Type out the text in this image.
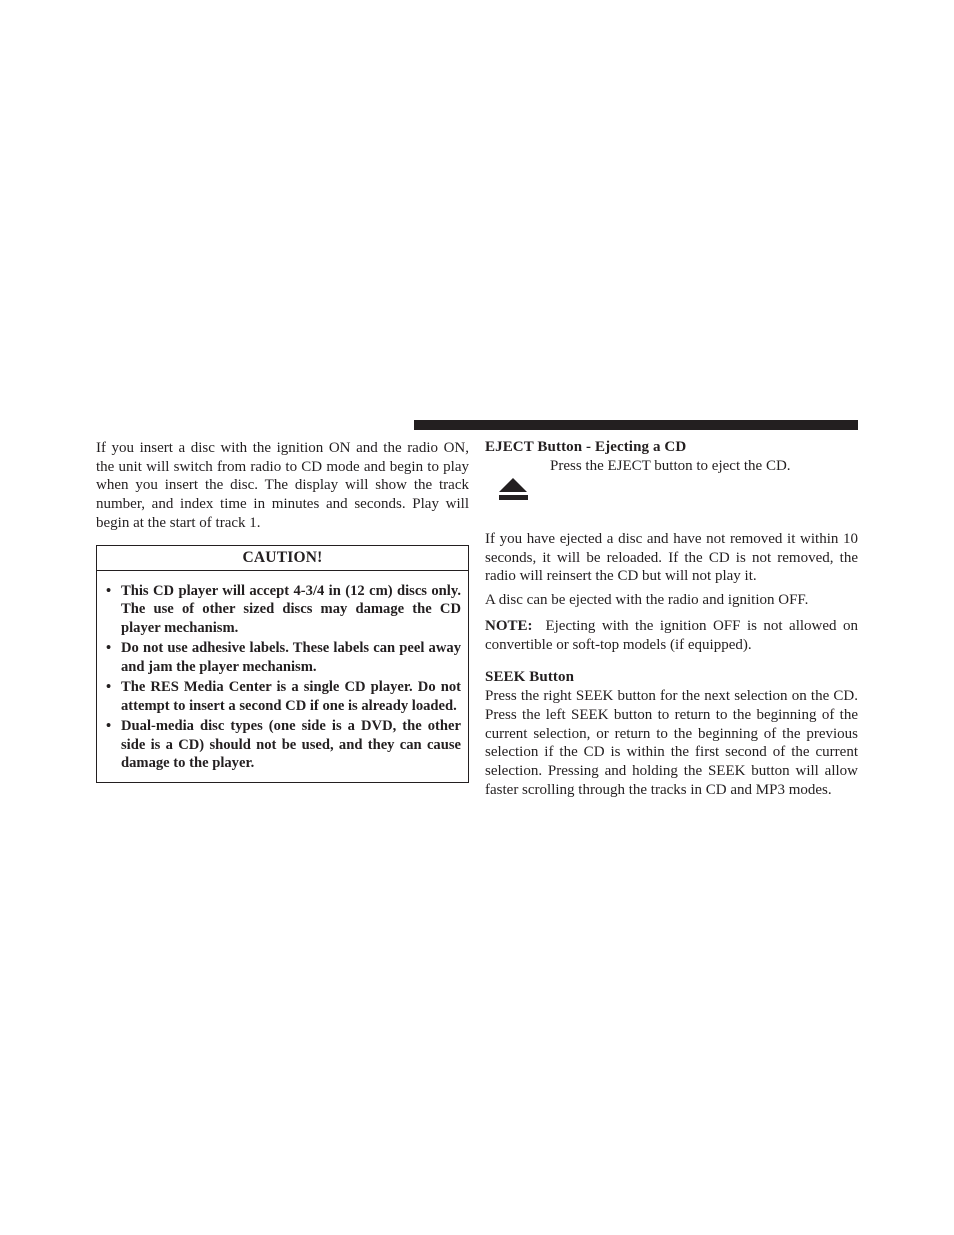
If you insert a disc with the ignition ON and the radio ON, the unit will switch from radio to CD mode and begin to play when you insert the disc. The display will show the track number, and index time in minutes and seconds. Play will begin at the start of track 1.

CAUTION!
• This CD player will accept 4-3/4 in (12 cm) discs only. The use of other sized discs may damage the CD player mechanism.
• Do not use adhesive labels. These labels can peel away and jam the player mechanism.
• The RES Media Center is a single CD player. Do not attempt to insert a second CD if one is already loaded.
• Dual-media disc types (one side is a DVD, the other side is a CD) should not be used, and they can cause damage to the player.
EJECT Button - Ejecting a CD
Press the EJECT button to eject the CD.

If you have ejected a disc and have not removed it within 10 seconds, it will be reloaded. If the CD is not removed, the radio will reinsert the CD but will not play it.

A disc can be ejected with the radio and ignition OFF.

NOTE: Ejecting with the ignition OFF is not allowed on convertible or soft-top models (if equipped).

SEEK Button

Press the right SEEK button for the next selection on the CD. Press the left SEEK button to return to the beginning of the current selection, or return to the beginning of the previous selection if the CD is within the first second of the current selection. Pressing and holding the SEEK button will allow faster scrolling through the tracks in CD and MP3 modes.
